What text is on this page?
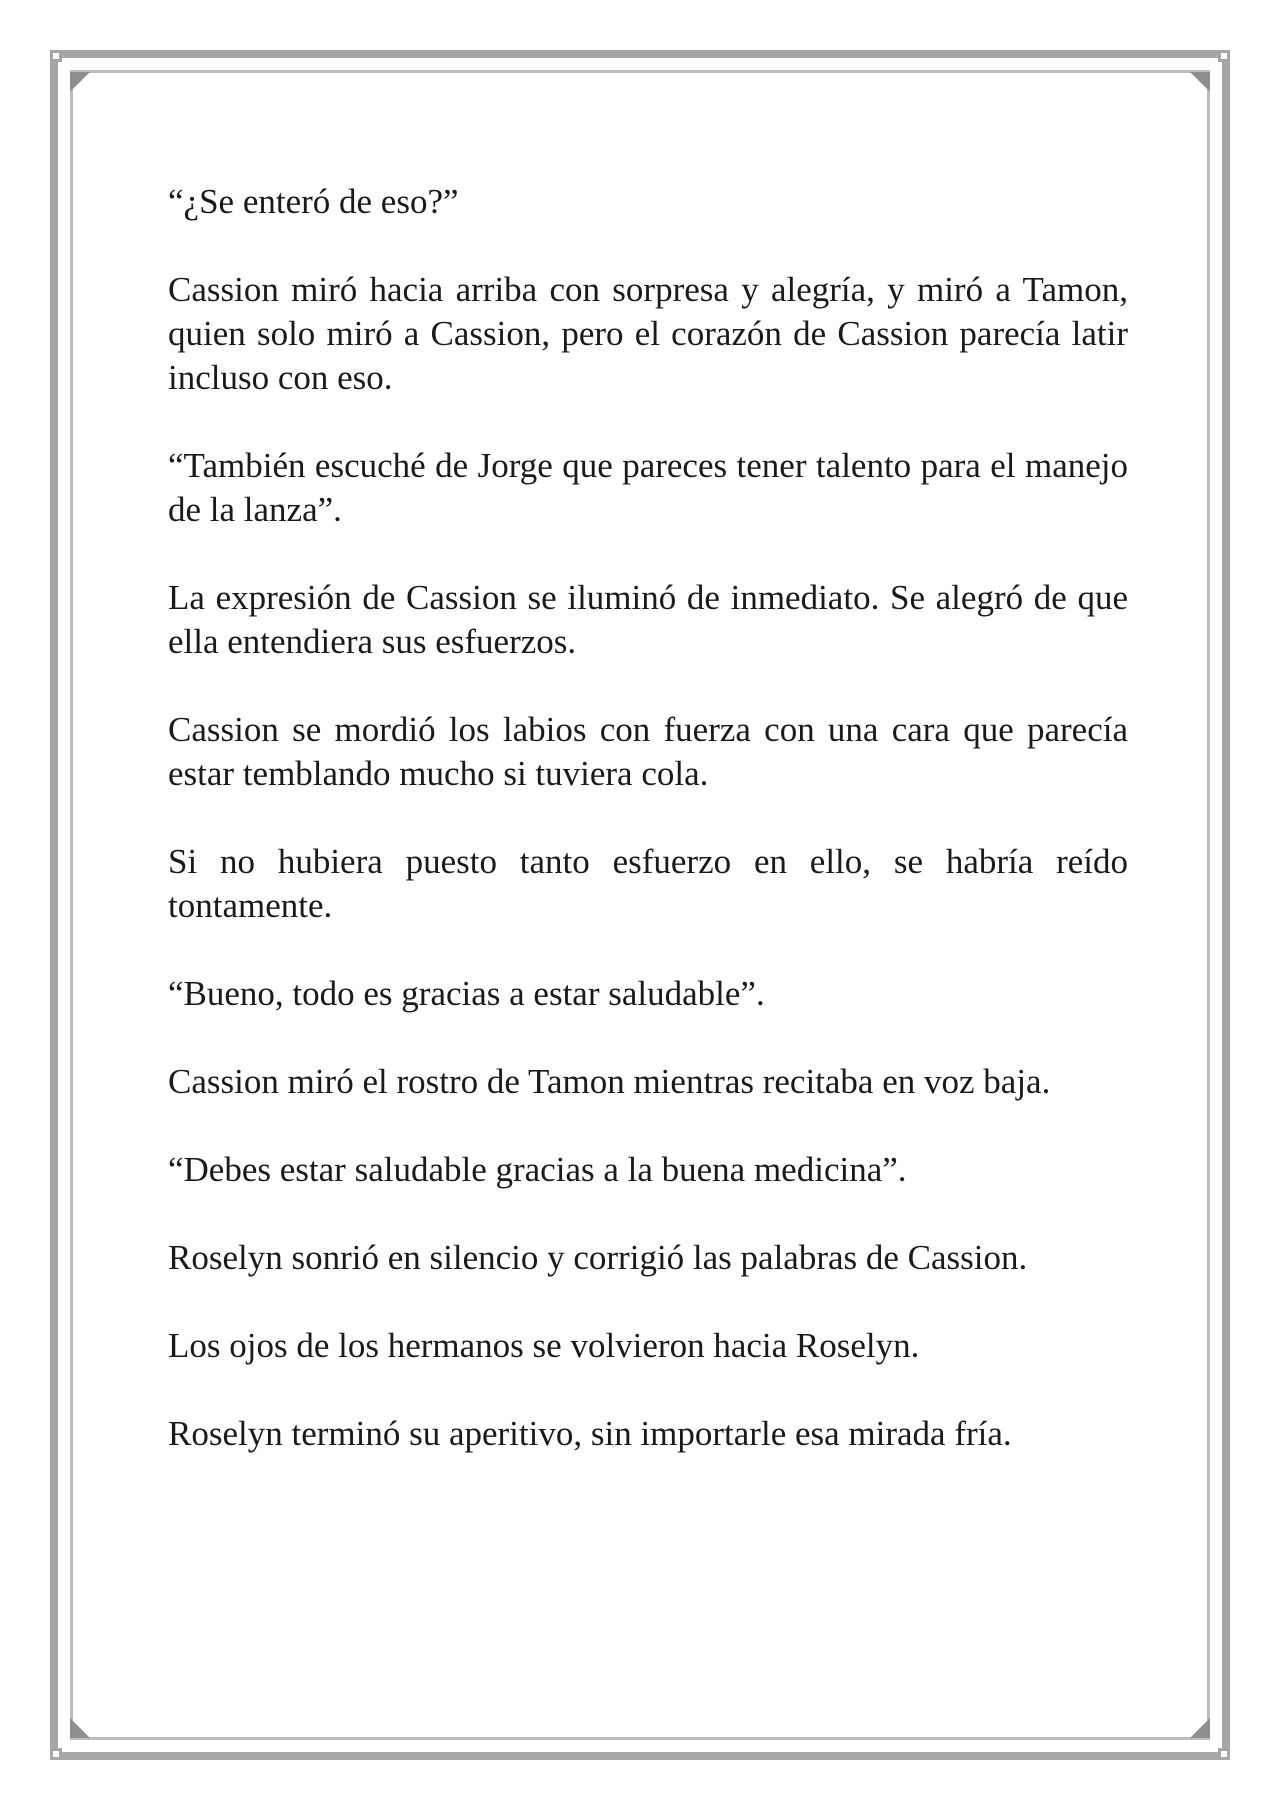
“¿Se enteró de eso?”

Cassion miró hacia arriba con sorpresa y alegría, y miró a Tamon, quien solo miró a Cassion, pero el corazón de Cassion parecía latir incluso con eso.

“También escuché de Jorge que pareces tener talento para el manejo de la lanza”.

La expresión de Cassion se iluminó de inmediato. Se alegró de que ella entendiera sus esfuerzos.

Cassion se mordió los labios con fuerza con una cara que parecía estar temblando mucho si tuviera cola.

Si no hubiera puesto tanto esfuerzo en ello, se habría reído tontamente.

“Bueno, todo es gracias a estar saludable”.

Cassion miró el rostro de Tamon mientras recitaba en voz baja.

“Debes estar saludable gracias a la buena medicina”.

Roselyn sonrió en silencio y corrigió las palabras de Cassion.

Los ojos de los hermanos se volvieron hacia Roselyn.

Roselyn terminó su aperitivo, sin importarle esa mirada fría.
